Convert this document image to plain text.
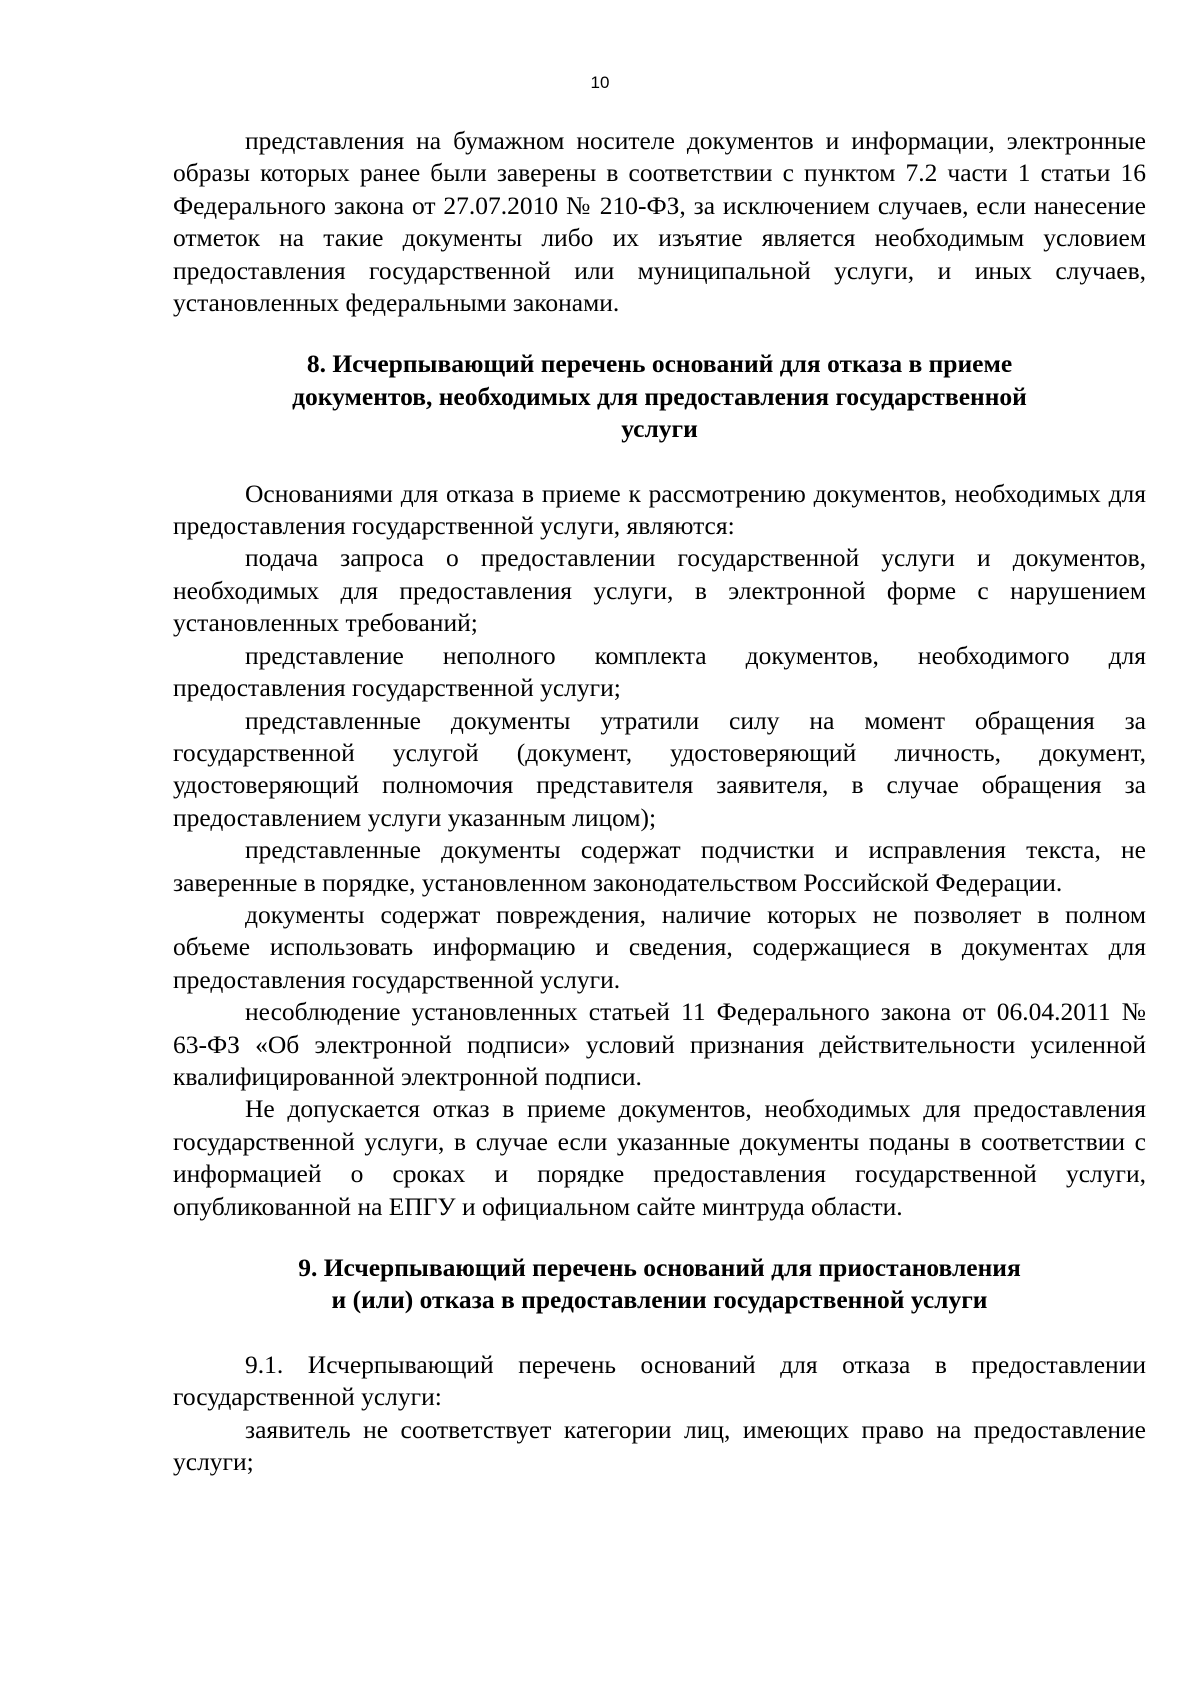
10

представления на бумажном носителе документов и информации, электронные образы которых ранее были заверены в соответствии с пунктом 7.2 части 1 статьи 16 Федерального закона от 27.07.2010 № 210-ФЗ, за исключением случаев, если нанесение отметок на такие документы либо их изъятие является необходимым условием предоставления государственной или муниципальной услуги, и иных случаев, установленных федеральными законами.

8. Исчерпывающий перечень оснований для отказа в приеме
документов, необходимых для предоставления государственной
услуги

Основаниями для отказа в приеме к рассмотрению документов, необходимых для предоставления государственной услуги, являются:

подача запроса о предоставлении государственной услуги и документов, необходимых для предоставления услуги, в электронной форме с нарушением установленных требований;

представление неполного комплекта документов, необходимого для предоставления государственной услуги;

представленные документы утратили силу на момент обращения за государственной услугой (документ, удостоверяющий личность, документ, удостоверяющий полномочия представителя заявителя, в случае обращения за предоставлением услуги указанным лицом);

представленные документы содержат подчистки и исправления текста, не заверенные в порядке, установленном законодательством Российской Федерации.

документы содержат повреждения, наличие которых не позволяет в полном объеме использовать информацию и сведения, содержащиеся в документах для предоставления государственной услуги.

несоблюдение установленных статьей 11 Федерального закона от 06.04.2011 № 63-ФЗ «Об электронной подписи» условий признания действительности усиленной квалифицированной электронной подписи.

Не допускается отказ в приеме документов, необходимых для предоставления государственной услуги, в случае если указанные документы поданы в соответствии с информацией о сроках и порядке предоставления государственной услуги, опубликованной на ЕПГУ и официальном сайте минтруда области.

9. Исчерпывающий перечень оснований для приостановления
и (или) отказа в предоставлении государственной услуги

9.1. Исчерпывающий перечень оснований для отказа в предоставлении государственной услуги:

заявитель не соответствует категории лиц, имеющих право на предоставление услуги;
